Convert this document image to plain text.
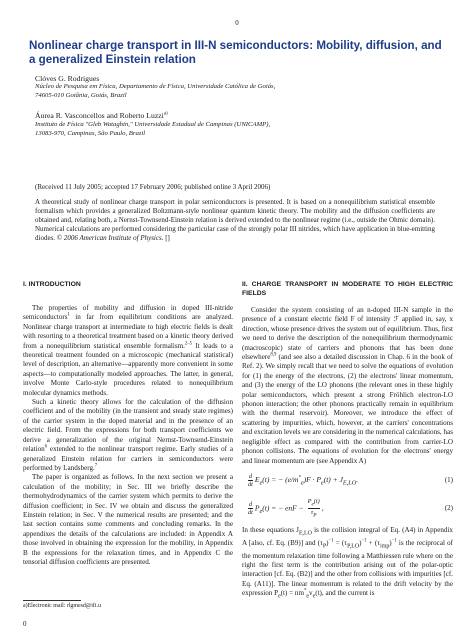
0
Nonlinear charge transport in III-N semiconductors: Mobility, diffusion, and a generalized Einstein relation
Clóves G. Rodrigues
Núcleo de Pesquisa em Física, Departamento de Física, Universidade Católica de Goiás,
74605-010 Goiânia, Goiás, Brazil
Áurea R. Vasconcellos and Roberto Luzzi$^{a)}$
Instituto de Física "Gleb Wataghin," Universidade Estadual de Campinas (UNICAMP),
13083-970, Campinas, São Paulo, Brazil
(Received 11 July 2005; accepted 17 February 2006; published online 3 April 2006)
A theoretical study of nonlinear charge transport in polar semiconductors is presented. It is based on a nonequilibrium statistical ensemble formalism which provides a generalized Boltzmann-style nonlinear quantum kinetic theory. The mobility and the diffusion coefficients are obtained and, relating both, a Nernst-Townsend-Einstein relation is derived extended to the nonlinear regime (i.e., outside the Ohmic domain). Numerical calculations are performed considering the particular case of the strongly polar III nitrides, which have application in blue-emitting diodes. © 2006 American Institute of Physics. []
I. INTRODUCTION

The properties of mobility and diffusion in doped III-nitride semiconductors$^1$ in far from equilibrium conditions are analyzed. Nonlinear charge transport at intermediate to high electric fields is dealt with resorting to a theoretical treatment based on a kinetic theory derived from a nonequilibrium statistical ensemble formalism.$^{2-5}$ It leads to a theoretical treatment founded on a microscopic (mechanical statistical) level of description, an alternative—apparently more convenient in some aspects—to computationally modeled approaches. The latter, in general, involve Monte Carlo-style procedures related to nonequilibrium molecular dynamics methods.

Such a kinetic theory allows for the calculation of the diffusion coefficient and of the mobility (in the transient and steady state regimes) of the carrier system in the doped material and in the presence of an electric field. From the expressions for both transport coefficients we derive a generalization of the original Nernst-Townsend-Einstein relation$^6$ extended to the nonlinear transport regime. Early studies of a generalized Einstein relation for carriers in semiconductors were performed by Landsberg.$^7$

The paper is organized as follows. In the next section we present a calculation of the mobility; in Sec. III we briefly describe the thermohydrodynamics of the carrier system which permits to derive the diffusion coefficient; in Sec. IV we obtain and discuss the generalized Einstein relation; in Sec. V the numerical results are presented; and the last section contains some comments and concluding remarks. In the appendixes the details of the calculations are included: in Appendix A those involved in obtaining the expression for the mobility, in Appendix B the expressions for the relaxation times, and in Appendix C the tensorial diffusion coefficients are presented.

II. CHARGE TRANSPORT IN MODERATE TO HIGH ELECTRIC FIELDS

Consider the system consisting of an n-doped III-N sample in the presence of a constant electric field F of intensity ℱ applied in, say, x direction, whose presence drives the system out of equilibrium. Thus, first we need to derive the description of the nonequilibrium thermodynamic (macroscopic) state of carriers and phonons that has been done elsewhere$^{8,9}$ (and see also a detailed discussion in Chap. 6 in the book of Ref. 2). We simply recall that we need to solve the equations of evolution for (1) the energy of the electrons, (2) the electrons' linear momentum, and (3) the energy of the LO phonons (the relevant ones in these highly polar semiconductors, which present a strong Fröhlich electron-LO phonon interaction; the other phonons practically remain in equilibrium with the thermal reservoir). Moreover, we introduce the effect of scattering by impurities, which, however, at the carriers' concentrations and excitation levels we are considering in the numerical calculations, has negligible effect as compared with the contribution from carrier-LO phonon collisions. The equations of evolution for the electrons' energy and linear momentum are (see Appendix A)

$\frac{d}{dt} E_e(t)$ = − $(e/m^*_e)F \cdot P_e(t) + J_{E,LO}$.	(1)
$\frac{d}{dt} P_e(t)$ = − enF − $\frac{P_e(t)}{\tau_P}$ ,	(2)

In these equations $J_{E,LO}$ is the collision integral of Eq. (A4) in Appendix A [also, cf. Eq. (B9)] and $(\tau_P)^{-1} = (\tau_{P,LO})^{-1} + (\tau_{imp})^{-1}$ is the reciprocal of the momentum relaxation time following a Matthiessen rule where on the right the first term is the contribution arising out of the polar-optic interaction [cf. Eq. (B2)] and the other from collisions with impurities [cf. Eq. (A11)]. The linear momentum is related to the drift velocity by the expression $P_e(t) = nm^*_ev_e(t)$, and the current is

a)Electronic mail: rlgmesd@ifi.u
0
